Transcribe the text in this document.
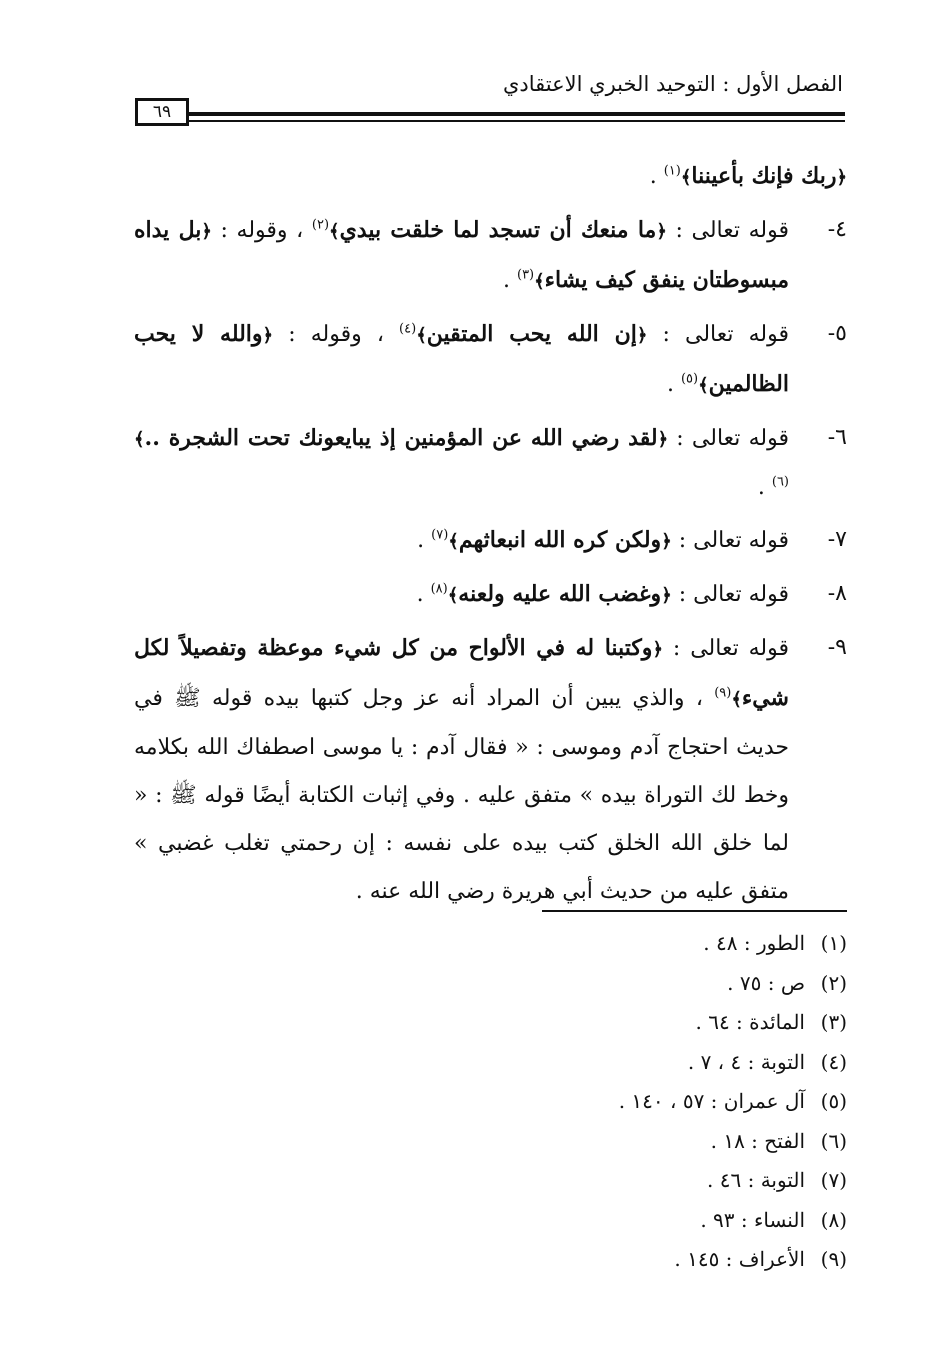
الفصل الأول : التوحيد الخبري الاعتقادي
٦٩

﴿ربك فإنك بأعيننا﴾$^{(١)}$ .

٤-
قوله تعالى : ﴿ما منعك أن تسجد لما خلقت بيدي﴾$^{(٢)}$ ، وقوله : ﴿بل يداه مبسوطتان ينفق كيف يشاء﴾$^{(٣)}$ .

٥-
قوله تعالى : ﴿إن الله يحب المتقين﴾$^{(٤)}$ ، وقوله : ﴿والله لا يحب الظالمين﴾$^{(٥)}$ .

٦-
قوله تعالى : ﴿لقد رضي الله عن المؤمنين إذ يبايعونك تحت الشجرة ..﴾$^{(٦)}$ .

٧-
قوله تعالى : ﴿ولكن كره الله انبعاثهم﴾$^{(٧)}$ .

٨-
قوله تعالى : ﴿وغضب الله عليه ولعنه﴾$^{(٨)}$ .

٩-
قوله تعالى : ﴿وكتبنا له في الألواح من كل شيء موعظة وتفصيلاً لكل شيء﴾$^{(٩)}$ ، والذي يبين أن المراد أنه عز وجل كتبها بيده قوله ﷺ في حديث احتجاج آدم وموسى : « فقال آدم : يا موسى اصطفاك الله بكلامه وخط لك التوراة بيده » متفق عليه . وفي إثبات الكتابة أيضًا قوله ﷺ : « لما خلق الله الخلق كتب بيده على نفسه : إن رحمتي تغلب غضبي » متفق عليه من حديث أبي هريرة رضي الله عنه .

(١)الطور : ٤٨ .
(٢)ص : ٧٥ .
(٣)المائدة : ٦٤ .
(٤)التوبة : ٤ ، ٧ .
(٥)آل عمران : ٥٧ ، ١٤٠ .
(٦)الفتح : ١٨ .
(٧)التوبة : ٤٦ .
(٨)النساء : ٩٣ .
(٩)الأعراف : ١٤٥ .
